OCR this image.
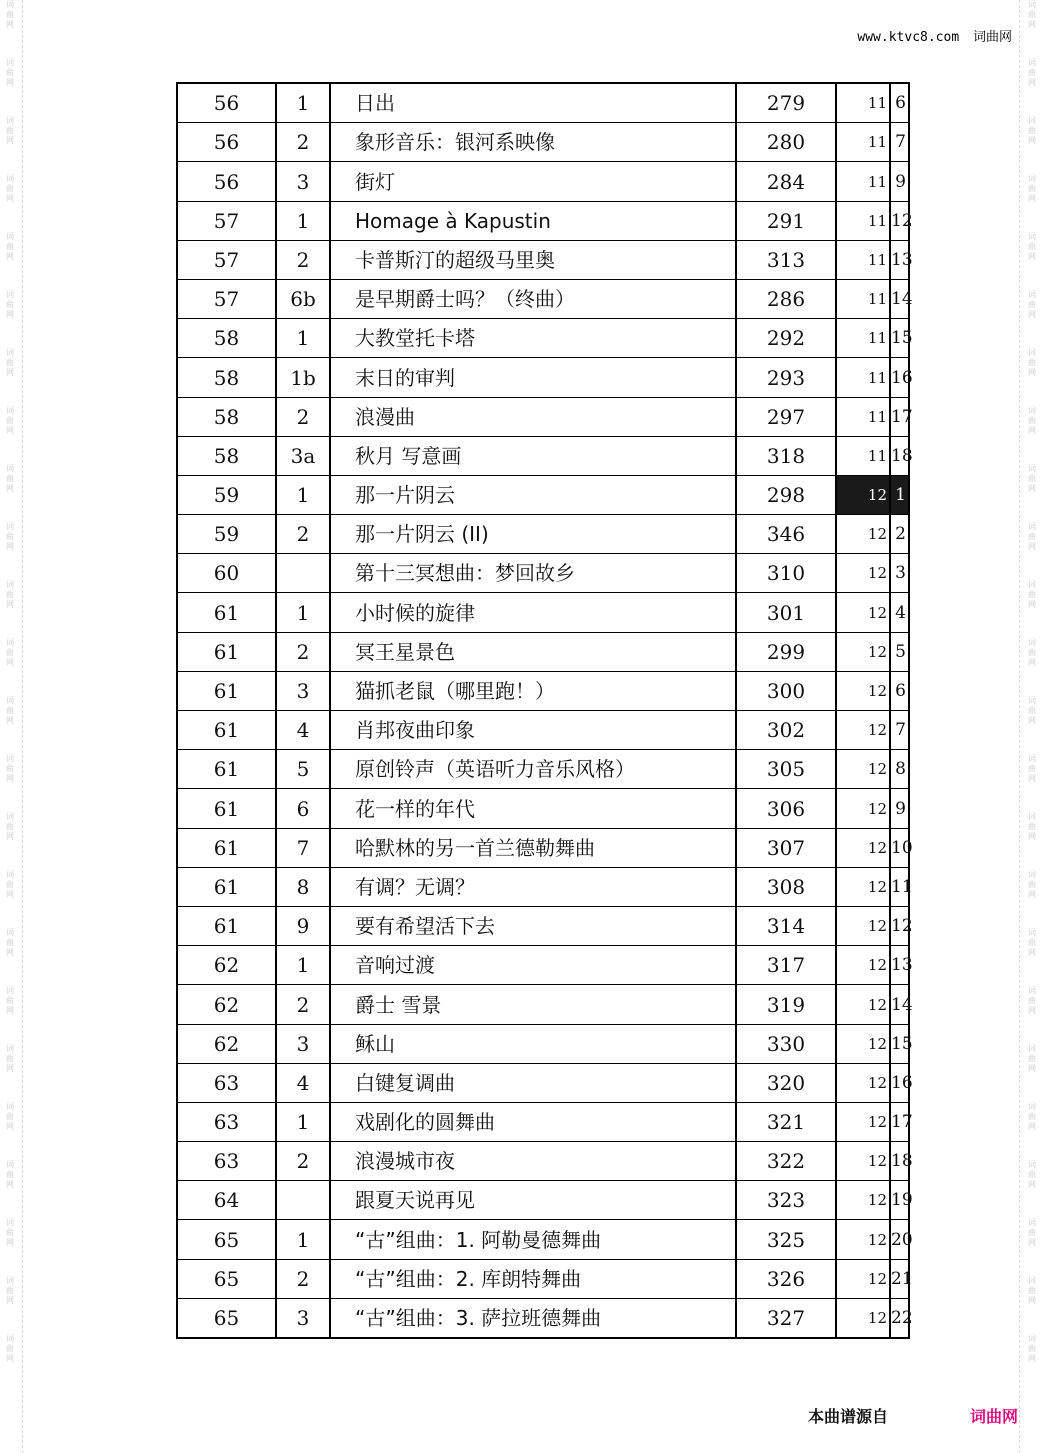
词
曲
网
词
曲
网
词
曲
网
词
曲
网
词
曲
网
词
曲
网
词
曲
网
词
曲
网
词
曲
网
词
曲
网
词
曲
网
词
曲
网
词
曲
网
词
曲
网
词
曲
网
词
曲
网
词
曲
网
词
曲
网
词
曲
网
词
曲
网
词
曲
网
词
曲
网
词
曲
网
词
曲
网
词
曲
网
词
曲
网
词
曲
网
词
曲
网
词
曲
网
词
曲
网
词
曲
网
词
曲
网
词
曲
网
词
曲
网
词
曲
网
词
曲
网
词
曲
网
词
曲
网
词
曲
网
词
曲
网
词
曲
网
词
曲
网
词
曲
网
词
曲
网
词
曲
网
词
曲
网
词
曲
网
词
曲
网
www.ktvc8.com 词曲网
56	1	日出	279	11	6
56	2	象形音乐：银河系映像	280	11	7
56	3	街灯	284	11	9
57	1	Homage à Kapustin	291	11	12
57	2	卡普斯汀的超级马里奥	313	11	13
57	6b	是早期爵士吗？（终曲）	286	11	14
58	1	大教堂托卡塔	292	11	15
58	1b	末日的审判	293	11	16
58	2	浪漫曲	297	11	17
58	3a	秋月 写意画	318	11	18
59	1	那一片阴云	298	12	1
59	2	那一片阴云 (II)	346	12	2
60		第十三冥想曲：梦回故乡	310	12	3
61	1	小时候的旋律	301	12	4
61	2	冥王星景色	299	12	5
61	3	猫抓老鼠（哪里跑！）	300	12	6
61	4	肖邦夜曲印象	302	12	7
61	5	原创铃声（英语听力音乐风格）	305	12	8
61	6	花一样的年代	306	12	9
61	7	哈默林的另一首兰德勒舞曲	307	12	10
61	8	有调？无调？	308	12	11
61	9	要有希望活下去	314	12	12
62	1	音响过渡	317	12	13
62	2	爵士 雪景	319	12	14
62	3	稣山	330	12	15
63	4	白键复调曲	320	12	16
63	1	戏剧化的圆舞曲	321	12	17
63	2	浪漫城市夜	322	12	18
64		跟夏天说再见	323	12	19
65	1	“古”组曲：1. 阿勒曼德舞曲	325	12	20
65	2	“古”组曲：2. 库朗特舞曲	326	12	21
65	3	“古”组曲：3. 萨拉班德舞曲	327	12	22
本曲谱源自	词曲网
